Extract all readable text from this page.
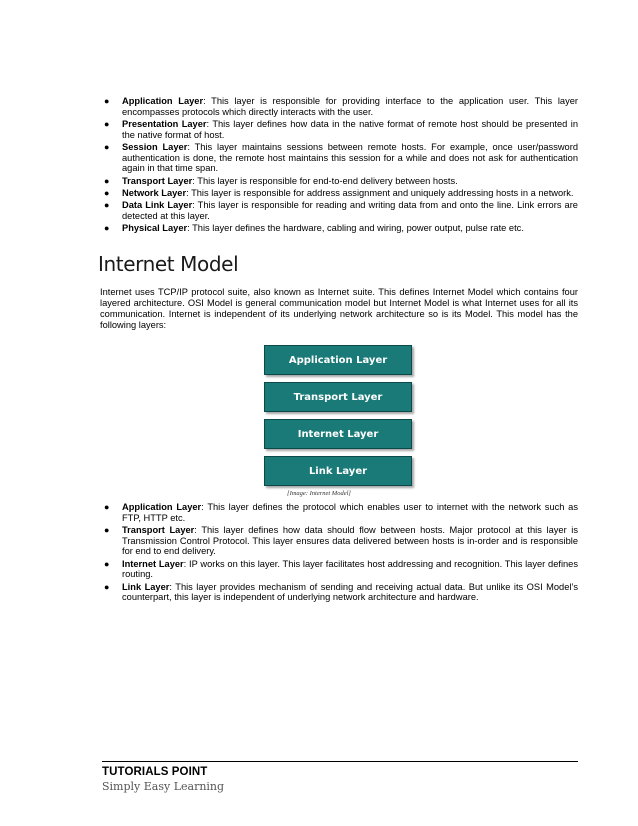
● Application Layer: This layer is responsible for providing interface to the application user. This layer encompasses protocols which directly interacts with the user.
● Presentation Layer: This layer defines how data in the native format of remote host should be presented in the native format of host.
● Session Layer: This layer maintains sessions between remote hosts. For example, once user/password authentication is done, the remote host maintains this session for a while and does not ask for authentication again in that time span.
● Transport Layer: This layer is responsible for end-to-end delivery between hosts.
● Network Layer: This layer is responsible for address assignment and uniquely addressing hosts in a network.
● Data Link Layer: This layer is responsible for reading and writing data from and onto the line. Link errors are detected at this layer.
● Physical Layer: This layer defines the hardware, cabling and wiring, power output, pulse rate etc.
Internet Model

Internet uses TCP/IP protocol suite, also known as Internet suite. This defines Internet Model which contains four layered architecture. OSI Model is general communication model but Internet Model is what Internet uses for all its communication. Internet is independent of its underlying network architecture so is its Model. This model has the following layers:

Application Layer
Transport Layer
Internet Layer
Link Layer
[Image: Internet Model]
● Application Layer: This layer defines the protocol which enables user to internet with the network such as FTP, HTTP etc.
● Transport Layer: This layer defines how data should flow between hosts. Major protocol at this layer is Transmission Control Protocol. This layer ensures data delivered between hosts is in-order and is responsible for end to end delivery.
● Internet Layer: IP works on this layer. This layer facilitates host addressing and recognition. This layer defines routing.
● Link Layer: This layer provides mechanism of sending and receiving actual data. But unlike its OSI Model’s counterpart, this layer is independent of underlying network architecture and hardware.

TUTORIALS POINT

Simply Easy Learning
